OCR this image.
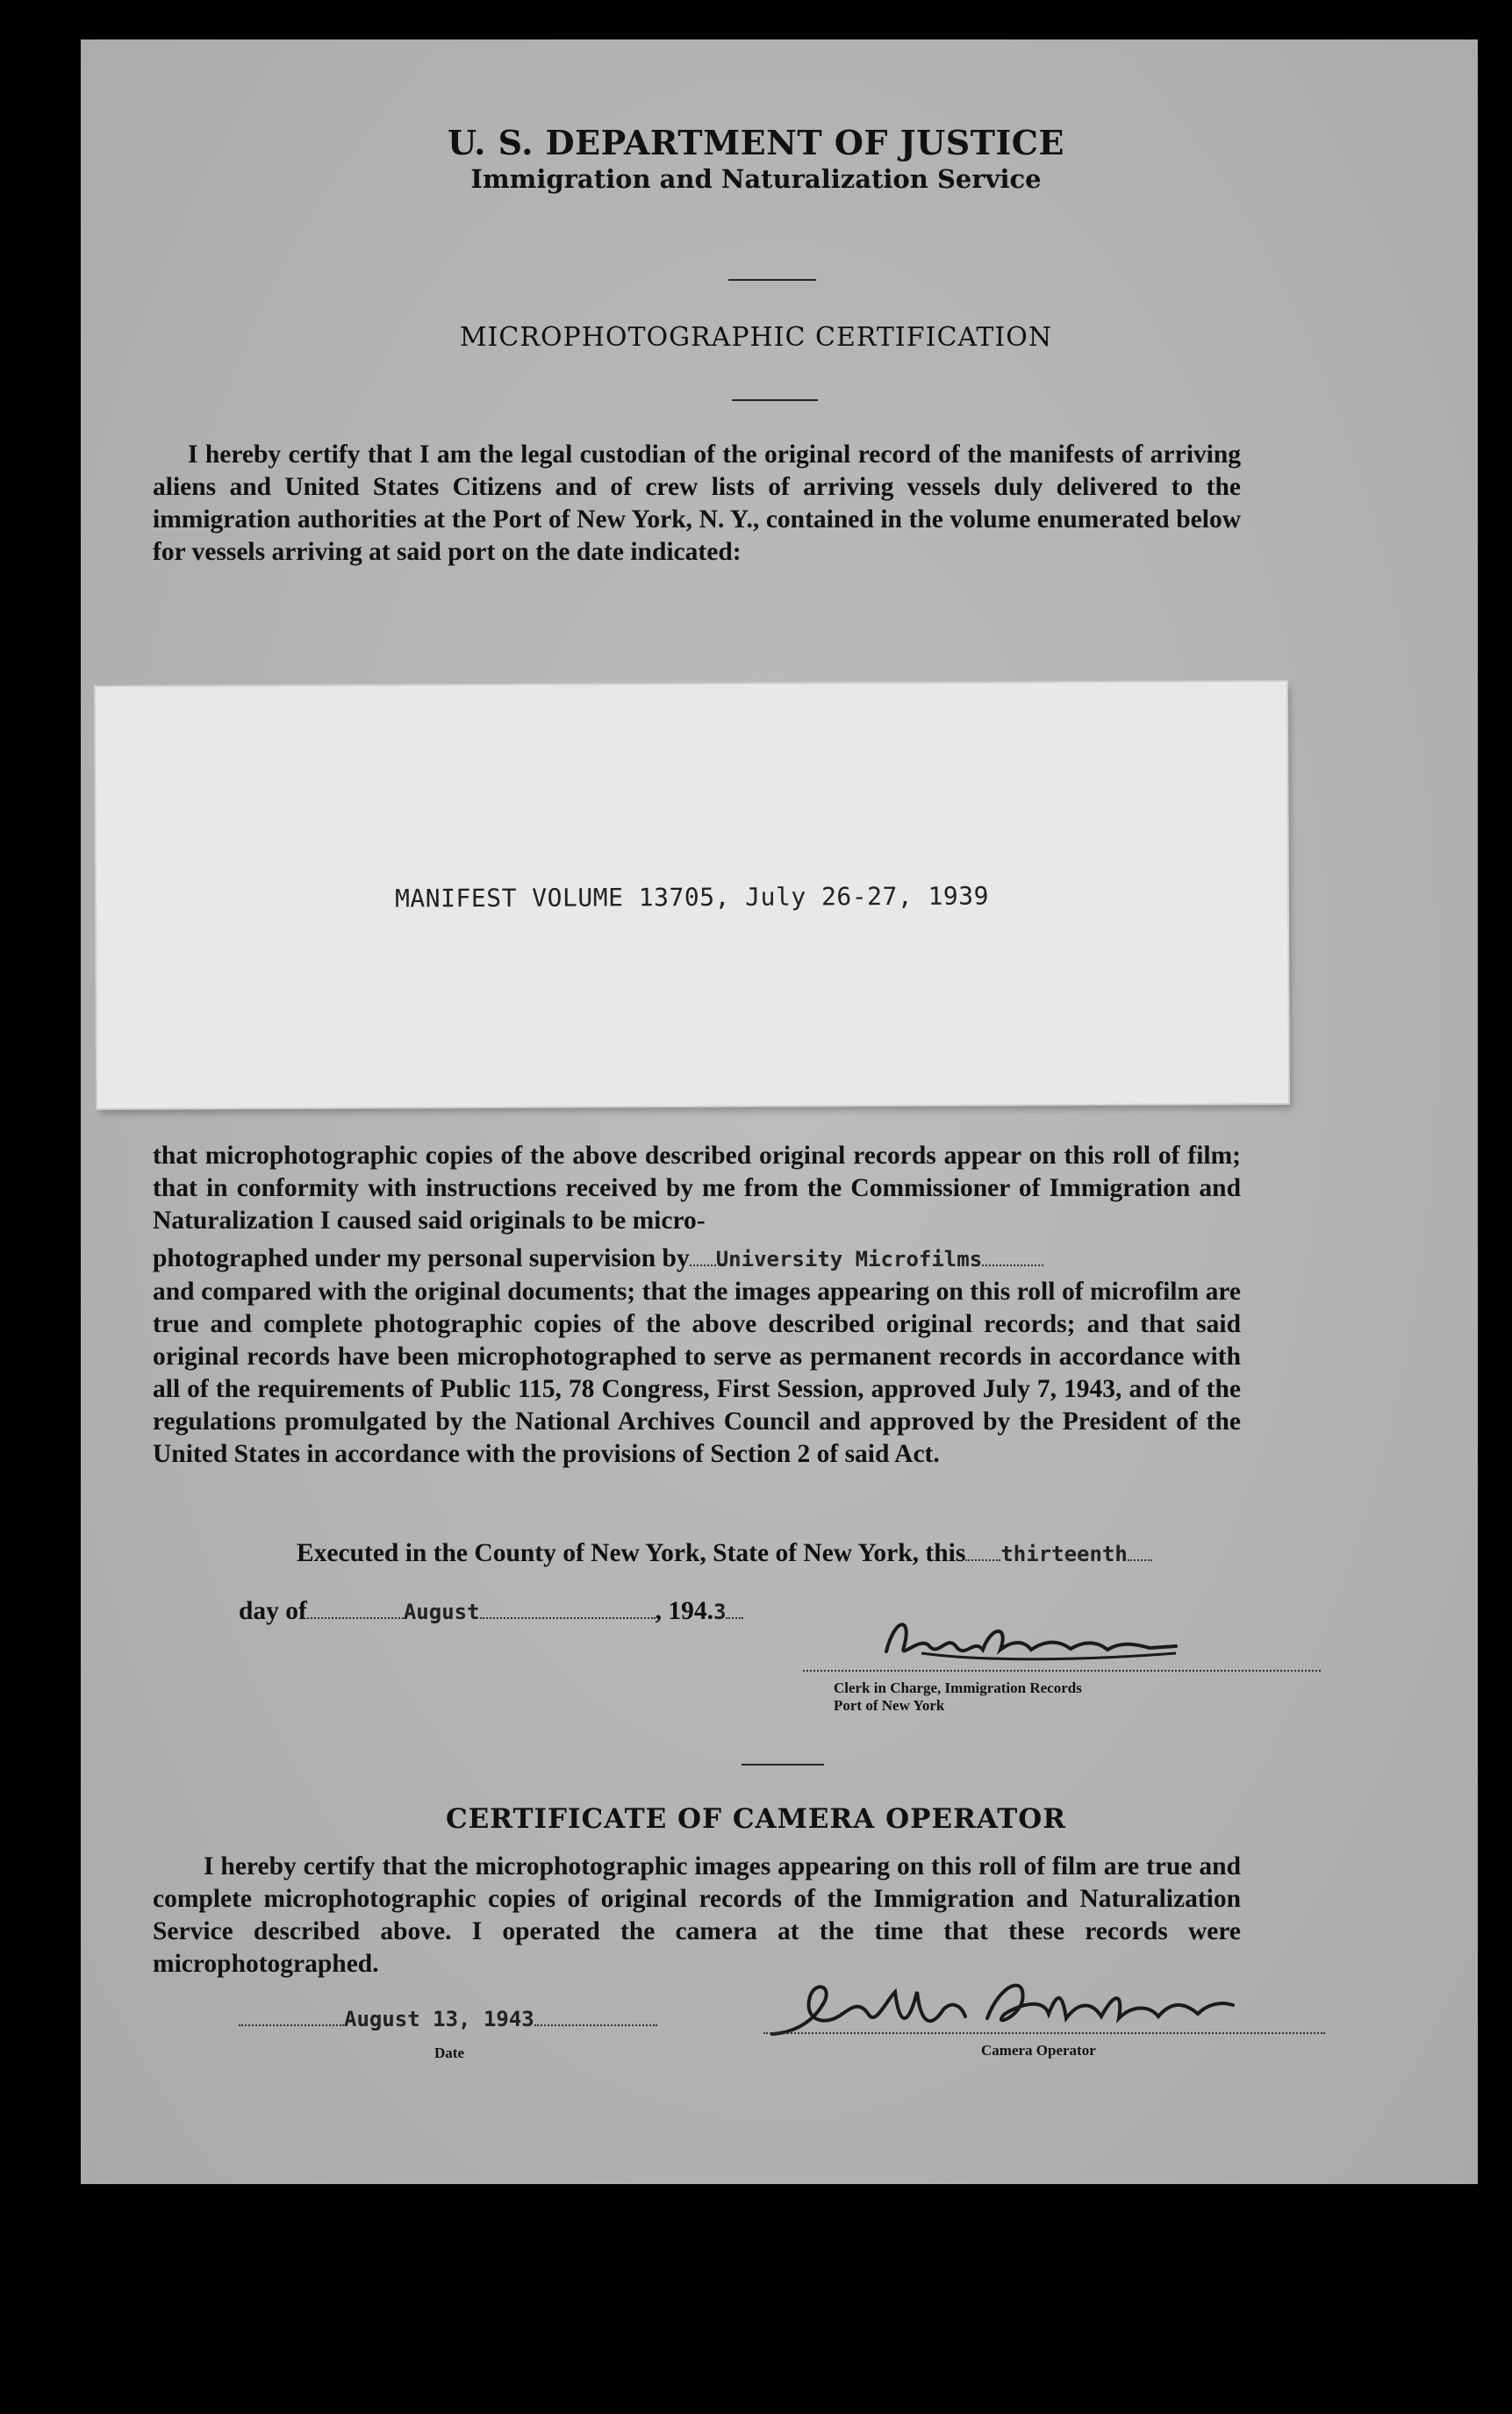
U. S. DEPARTMENT OF JUSTICE
Immigration and Naturalization Service
MICROPHOTOGRAPHIC CERTIFICATION

I hereby certify that I am the legal custodian of the original record of the manifests of arriving aliens and United States Citizens and of crew lists of arriving vessels duly delivered to the immigration authorities at the Port of New York, N. Y., contained in the volume enumerated below for vessels arriving at said port on the date indicated:

MANIFEST VOLUME 13705, July 26-27, 1939

that microphotographic copies of the above described original records appear on this roll of film; that in conformity with instructions received by me from the Commissioner of Immigration and Naturalization I caused said originals to be micro-

photographed under my personal supervision by University Microfilms

and compared with the original documents; that the images appearing on this roll of microfilm are true and complete photographic copies of the above described original records; and that said original records have been microphotographed to serve as permanent records in accordance with all of the requirements of Public 115, 78 Congress, First Session, approved July 7, 1943, and of the regulations promulgated by the National Archives Council and approved by the President of the United States in accordance with the provisions of Section 2 of said Act.

Executed in the County of New York, State of New York, this thirteenth
day of	August	, 194.3
Clerk in Charge, Immigration Records
Port of New York
CERTIFICATE OF CAMERA OPERATOR

I hereby certify that the microphotographic images appearing on this roll of film are true and complete microphotographic copies of original records of the Immigration and Naturalization Service described above. I operated the camera at the time that these records were microphotographed.

August 13, 1943
Date	Camera Operator
